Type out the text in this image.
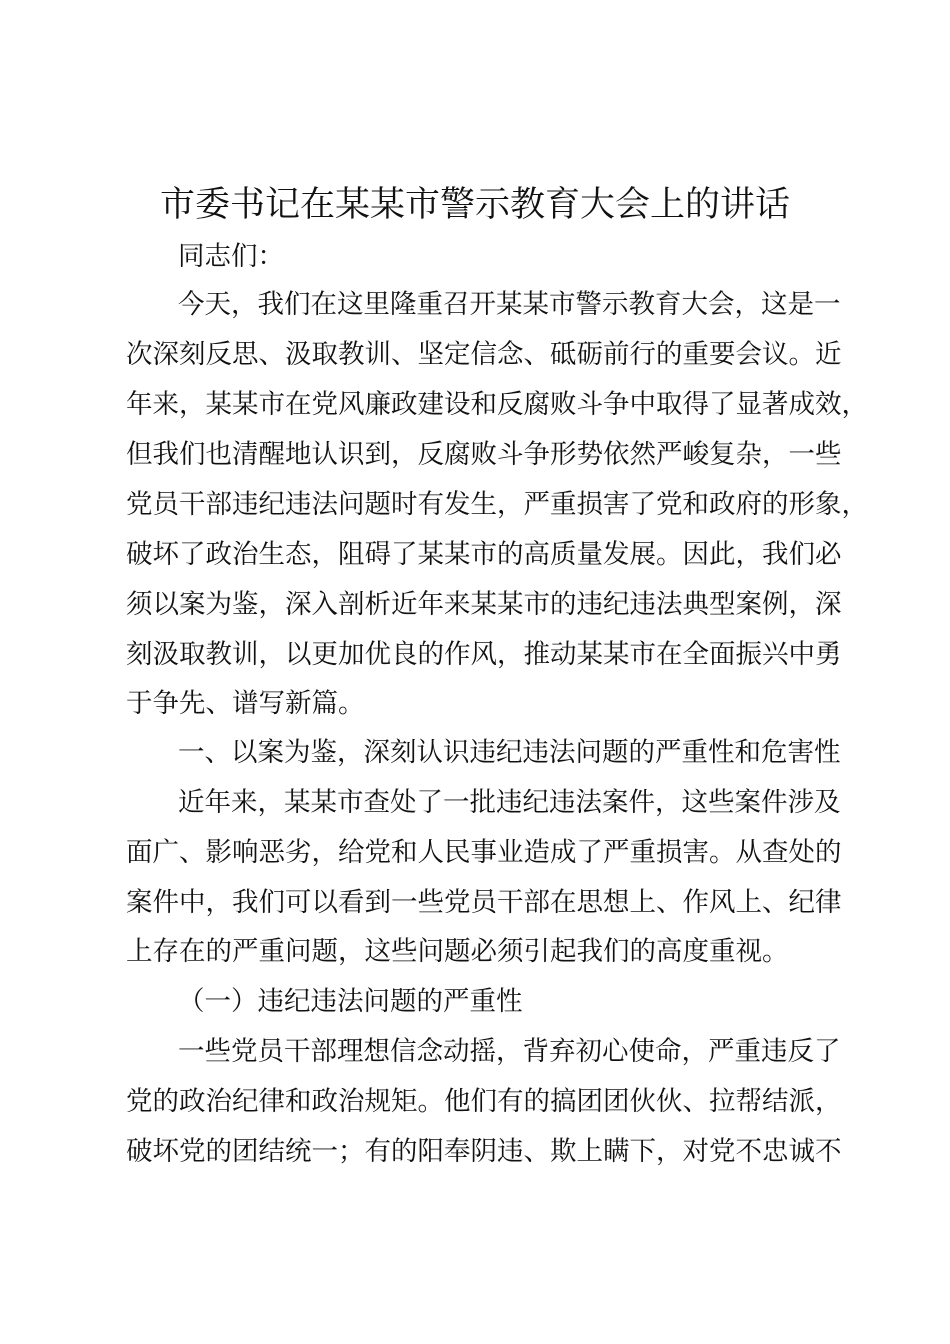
市委书记在某某市警示教育大会上的讲话
同志们：
今天，我们在这里隆重召开某某市警示教育大会，这是一
次深刻反思、汲取教训、坚定信念、砥砺前行的重要会议。近
年来，某某市在党风廉政建设和反腐败斗争中取得了显著成效，
但我们也清醒地认识到，反腐败斗争形势依然严峻复杂，一些
党员干部违纪违法问题时有发生，严重损害了党和政府的形象，
破坏了政治生态，阻碍了某某市的高质量发展。因此，我们必
须以案为鉴，深入剖析近年来某某市的违纪违法典型案例，深
刻汲取教训，以更加优良的作风，推动某某市在全面振兴中勇
于争先、谱写新篇。
一、以案为鉴，深刻认识违纪违法问题的严重性和危害性
近年来，某某市查处了一批违纪违法案件，这些案件涉及
面广、影响恶劣，给党和人民事业造成了严重损害。从查处的
案件中，我们可以看到一些党员干部在思想上、作风上、纪律
上存在的严重问题，这些问题必须引起我们的高度重视。
（一）违纪违法问题的严重性
一些党员干部理想信念动摇，背弃初心使命，严重违反了
党的政治纪律和政治规矩。他们有的搞团团伙伙、拉帮结派，
破坏党的团结统一；有的阳奉阴违、欺上瞒下，对党不忠诚不
